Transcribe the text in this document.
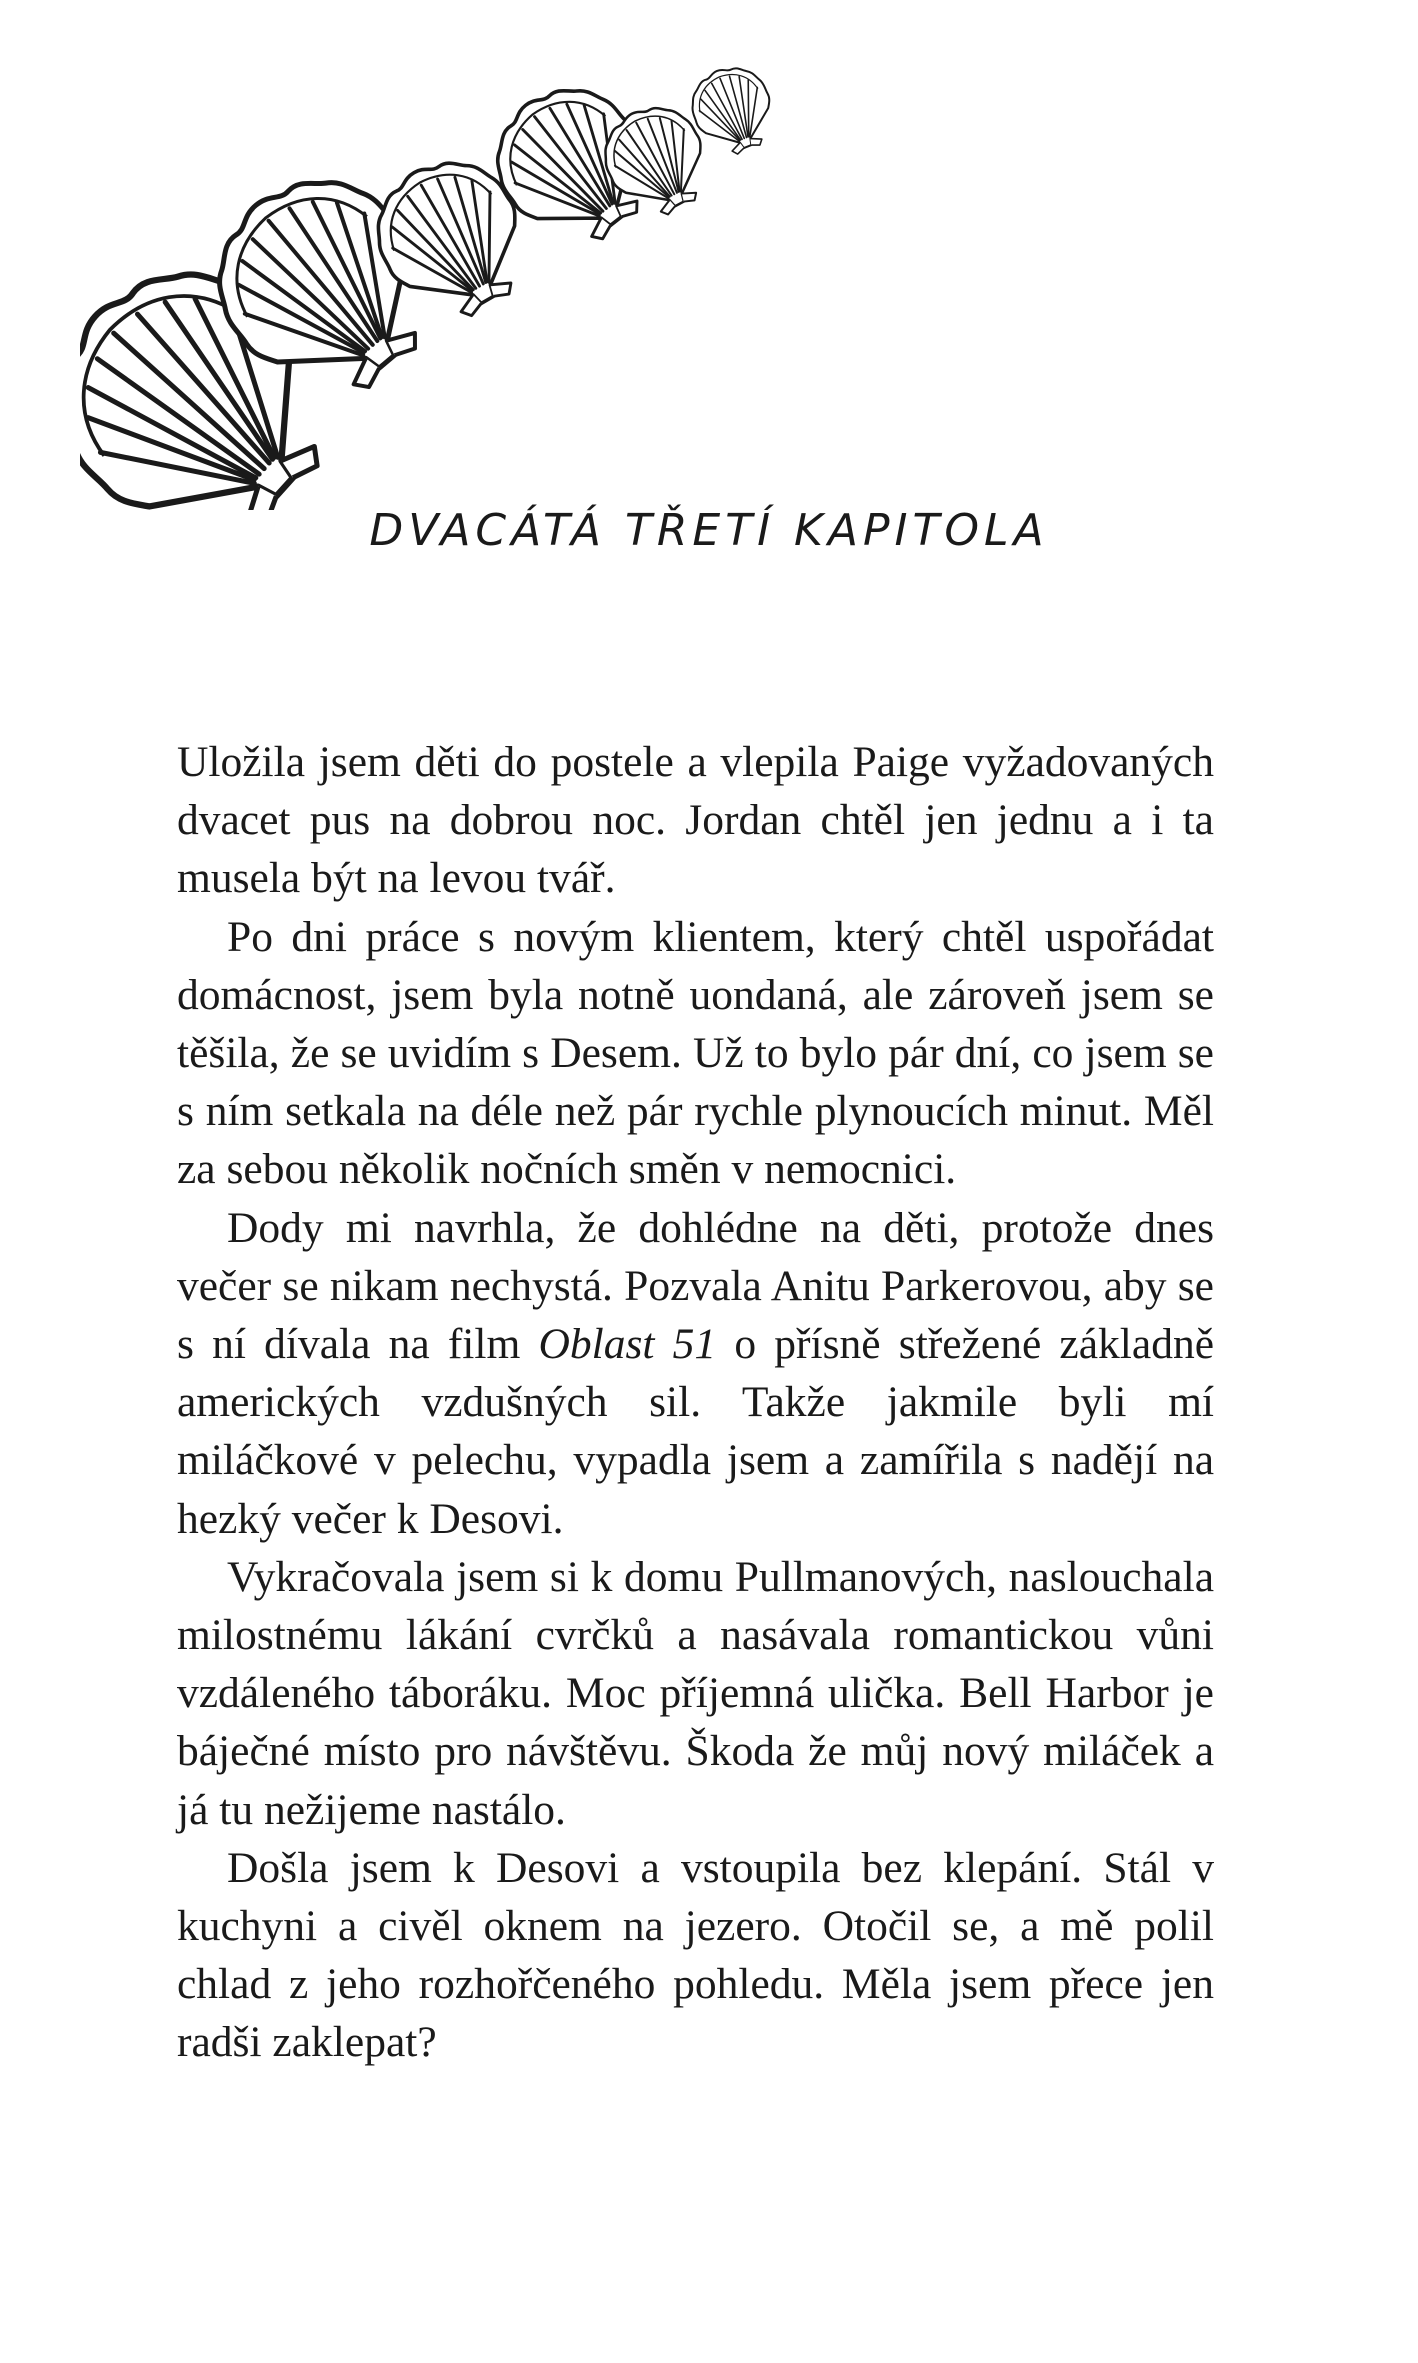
DVACÁTÁ TŘETÍ KAPITOLA

Uložila jsem děti do postele a vlepila Paige vyžadovaných dvacet pus na dobrou noc. Jordan chtěl jen jednu a i ta musela být na levou tvář.

Po dni práce s novým klientem, který chtěl uspořádat domácnost, jsem byla notně uondaná, ale zároveň jsem se těšila, že se uvidím s Desem. Už to bylo pár dní, co jsem se s ním setkala na déle než pár rychle plynoucích minut. Měl za sebou několik nočních směn v nemocnici.

Dody mi navrhla, že dohlédne na děti, protože dnes večer se nikam nechystá. Pozvala Anitu Parkerovou, aby se s ní dívala na film Oblast 51 o přísně střežené základně amerických vzdušných sil. Takže jakmile byli mí miláčkové v pelechu, vypadla jsem a zamířila s nadějí na hezký večer k Desovi.

Vykračovala jsem si k domu Pullmanových, naslouchala milostnému lákání cvrčků a nasávala romantickou vůni vzdáleného táboráku. Moc příjemná ulička. Bell Harbor je báječné místo pro návštěvu. Škoda že můj nový miláček a já tu nežijeme nastálo.

Došla jsem k Desovi a vstoupila bez klepání. Stál v kuchyni a civěl oknem na jezero. Otočil se, a mě polil chlad z jeho rozhořčeného pohledu. Měla jsem přece jen radši zaklepat?
